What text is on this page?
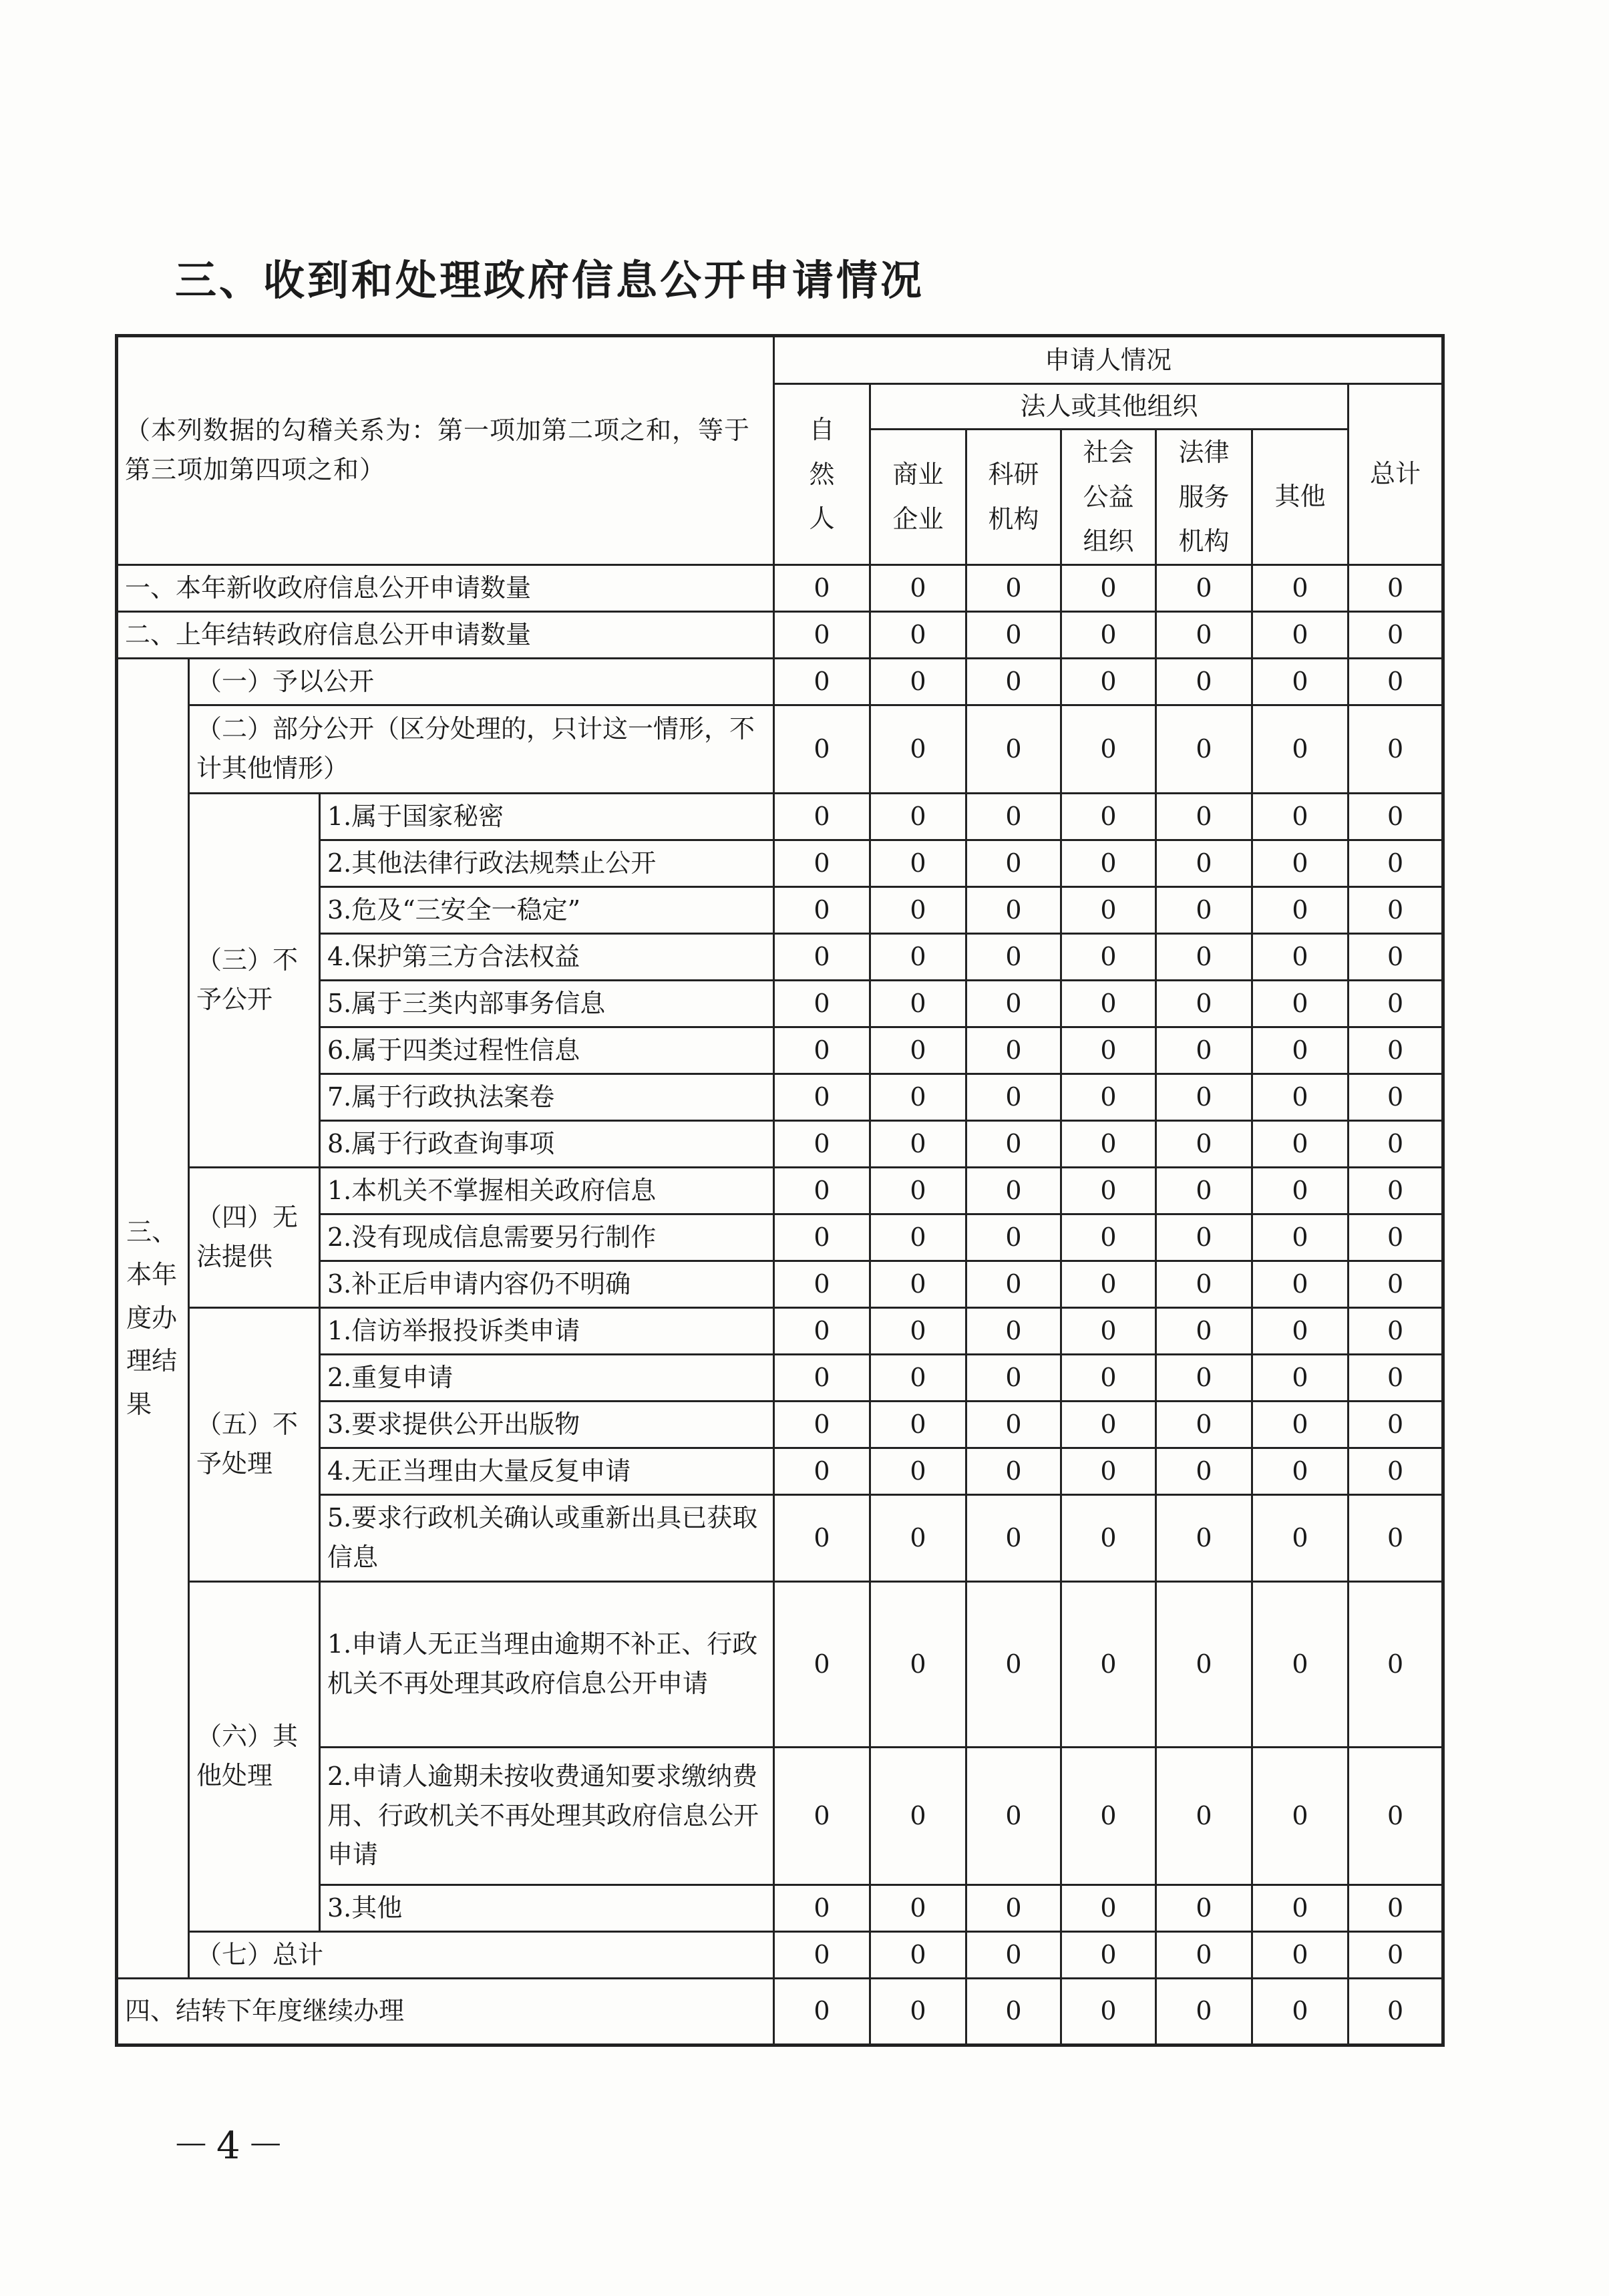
三、收到和处理政府信息公开申请情况
（本列数据的勾稽关系为：第一项加第二项之和，等于第三项加第四项之和）			申请人情况						
			自然人	法人或其他组织					总计
				商业企业	科研机构	社会公益组织	法律服务机构	其他	
一、本年新收政府信息公开申请数量			0	0	0	0	0	0	0
二、上年结转政府信息公开申请数量			0	0	0	0	0	0	0
三、本年度办理结果	（一）予以公开		0	0	0	0	0	0	0
	（二）部分公开（区分处理的，只计这一情形，不计其他情形）		0	0	0	0	0	0	0
	（三）不予公开	1.属于国家秘密	0	0	0	0	0	0	0
		2.其他法律行政法规禁止公开	0	0	0	0	0	0	0
		3.危及“三安全一稳定”	0	0	0	0	0	0	0
		4.保护第三方合法权益	0	0	0	0	0	0	0
		5.属于三类内部事务信息	0	0	0	0	0	0	0
		6.属于四类过程性信息	0	0	0	0	0	0	0
		7.属于行政执法案卷	0	0	0	0	0	0	0
		8.属于行政查询事项	0	0	0	0	0	0	0
	（四）无法提供	1.本机关不掌握相关政府信息	0	0	0	0	0	0	0
		2.没有现成信息需要另行制作	0	0	0	0	0	0	0
		3.补正后申请内容仍不明确	0	0	0	0	0	0	0
	（五）不予处理	1.信访举报投诉类申请	0	0	0	0	0	0	0
		2.重复申请	0	0	0	0	0	0	0
		3.要求提供公开出版物	0	0	0	0	0	0	0
		4.无正当理由大量反复申请	0	0	0	0	0	0	0
		5.要求行政机关确认或重新出具已获取信息	0	0	0	0	0	0	0
	（六）其他处理	1.申请人无正当理由逾期不补正、行政机关不再处理其政府信息公开申请	0	0	0	0	0	0	0
		2.申请人逾期未按收费通知要求缴纳费用、行政机关不再处理其政府信息公开申请	0	0	0	0	0	0	0
		3.其他	0	0	0	0	0	0	0
	（七）总计		0	0	0	0	0	0	0
四、结转下年度继续办理			0	0	0	0	0	0	0
－4－
